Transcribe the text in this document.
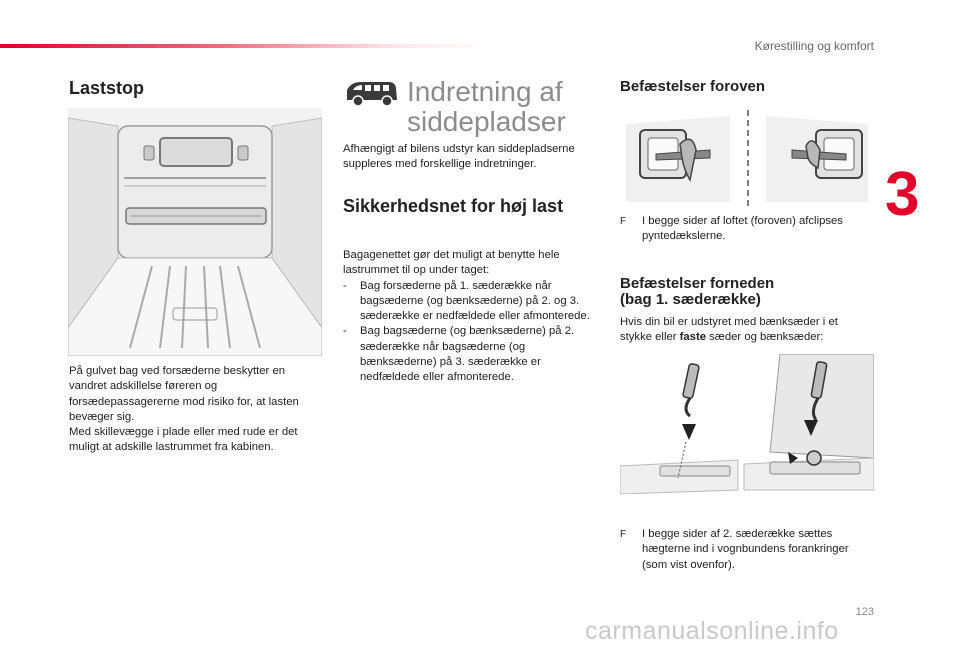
Kørestilling og komfort
3
Laststop
På gulvet bag ved forsæderne beskytter en vandret adskillelse føreren og forsædepassagererne mod risiko for, at lasten bevæger sig.
Med skillevægge i plade eller med rude er det muligt at adskille lastrummet fra kabinen.
Indretning af
siddepladser
Afhængigt af bilens udstyr kan siddepladserne suppleres med forskellige indretninger.
Sikkerhedsnet for høj last
Bagagenettet gør det muligt at benytte hele lastrummet til op under taget:
-	Bag forsæderne på 1. sæderække når bagsæderne (og bænksæderne) på 2. og 3. sæderække er nedfældede eller afmonterede.
-	Bag bagsæderne (og bænksæderne) på 2. sæderække når bagsæderne (og bænksæderne) på 3. sæderække er nedfældede eller afmonterede.
Befæstelser foroven
F	I begge sider af loftet (foroven) afclipses pyntedækslerne.
Befæstelser forneden
(bag 1. sæderække)
Hvis din bil er udstyret med bænksæder i et stykke eller faste sæder og bænksæder:
F	I begge sider af 2. sæderække sættes hægterne ind i vognbundens forankringer (som vist ovenfor).
123
carmanualsonline.info
